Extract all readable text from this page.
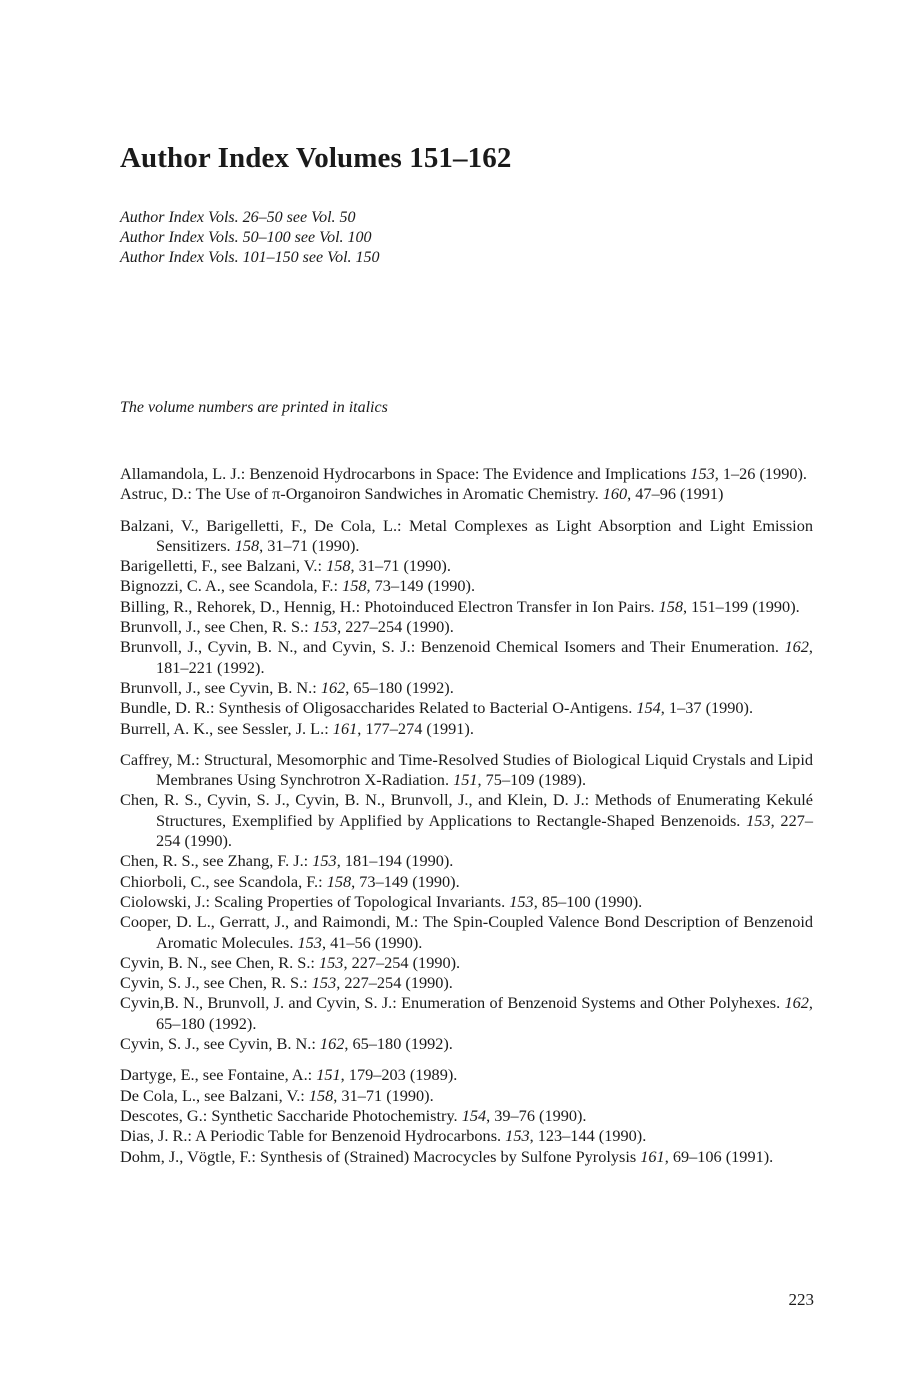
Author Index Volumes 151–162
Author Index Vols. 26–50 see Vol. 50
Author Index Vols. 50–100 see Vol. 100
Author Index Vols. 101–150 see Vol. 150
The volume numbers are printed in italics
Allamandola, L. J.: Benzenoid Hydrocarbons in Space: The Evidence and Implications 153, 1–26 (1990).
Astruc, D.: The Use of π-Organoiron Sandwiches in Aromatic Chemistry. 160, 47–96 (1991)
Balzani, V., Barigelletti, F., De Cola, L.: Metal Complexes as Light Absorption and Light Emission Sensitizers. 158, 31–71 (1990).
Barigelletti, F., see Balzani, V.: 158, 31–71 (1990).
Bignozzi, C. A., see Scandola, F.: 158, 73–149 (1990).
Billing, R., Rehorek, D., Hennig, H.: Photoinduced Electron Transfer in Ion Pairs. 158, 151–199 (1990).
Brunvoll, J., see Chen, R. S.: 153, 227–254 (1990).
Brunvoll, J., Cyvin, B. N., and Cyvin, S. J.: Benzenoid Chemical Isomers and Their Enumeration. 162, 181–221 (1992).
Brunvoll, J., see Cyvin, B. N.: 162, 65–180 (1992).
Bundle, D. R.: Synthesis of Oligosaccharides Related to Bacterial O-Antigens. 154, 1–37 (1990).
Burrell, A. K., see Sessler, J. L.: 161, 177–274 (1991).
Caffrey, M.: Structural, Mesomorphic and Time-Resolved Studies of Biological Liquid Crystals and Lipid Membranes Using Synchrotron X-Radiation. 151, 75–109 (1989).
Chen, R. S., Cyvin, S. J., Cyvin, B. N., Brunvoll, J., and Klein, D. J.: Methods of Enumerating Kekulé Structures, Exemplified by Applified by Applications to Rectangle-Shaped Benzenoids. 153, 227–254 (1990).
Chen, R. S., see Zhang, F. J.: 153, 181–194 (1990).
Chiorboli, C., see Scandola, F.: 158, 73–149 (1990).
Ciolowski, J.: Scaling Properties of Topological Invariants. 153, 85–100 (1990).
Cooper, D. L., Gerratt, J., and Raimondi, M.: The Spin-Coupled Valence Bond Description of Benzenoid Aromatic Molecules. 153, 41–56 (1990).
Cyvin, B. N., see Chen, R. S.: 153, 227–254 (1990).
Cyvin, S. J., see Chen, R. S.: 153, 227–254 (1990).
Cyvin,B. N., Brunvoll, J. and Cyvin, S. J.: Enumeration of Benzenoid Systems and Other Polyhexes. 162, 65–180 (1992).
Cyvin, S. J., see Cyvin, B. N.: 162, 65–180 (1992).
Dartyge, E., see Fontaine, A.: 151, 179–203 (1989).
De Cola, L., see Balzani, V.: 158, 31–71 (1990).
Descotes, G.: Synthetic Saccharide Photochemistry. 154, 39–76 (1990).
Dias, J. R.: A Periodic Table for Benzenoid Hydrocarbons. 153, 123–144 (1990).
Dohm, J., Vögtle, F.: Synthesis of (Strained) Macrocycles by Sulfone Pyrolysis 161, 69–106 (1991).
223
